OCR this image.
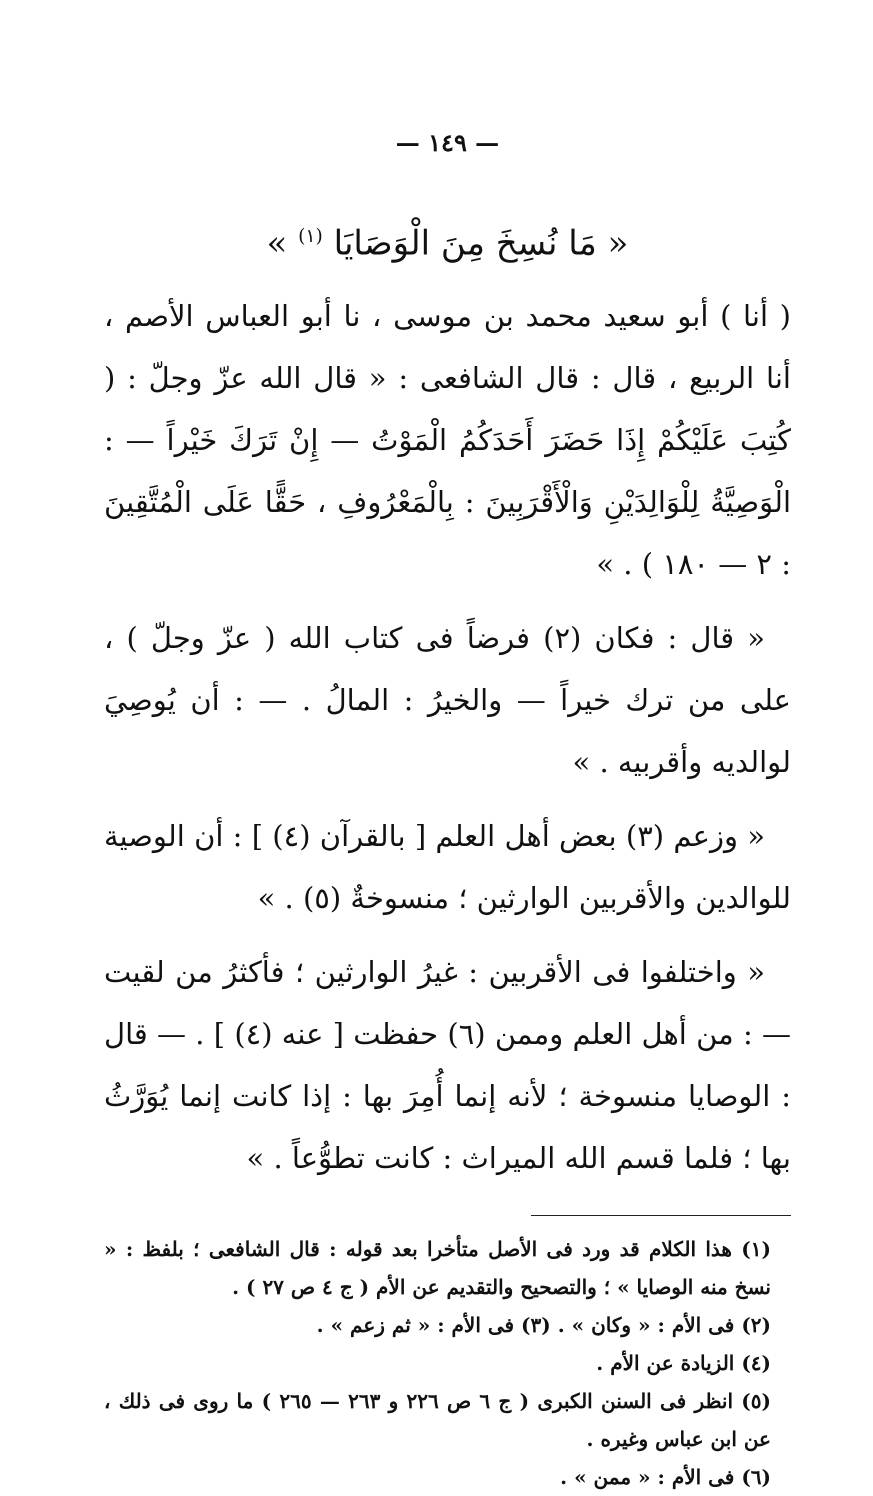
— ١٤٩ —
« مَا نُسِخَ مِنَ الْوَصَايَا $^{(١)}$ »

( أنا ) أبو سعيد محمد بن موسى ، نا أبو العباس الأصم ، أنا الربيع ، قال : قال الشافعى : « قال الله عزّ وجلّ : ( كُتِبَ عَلَيْكُمْ إِذَا حَضَرَ أَحَدَكُمُ الْمَوْتُ — إِنْ تَرَكَ خَيْراً — : الْوَصِيَّةُ لِلْوَالِدَيْنِ وَالْأَقْرَبِينَ : بِالْمَعْرُوفِ ، حَقًّا عَلَى الْمُتَّقِينَ : ٢ — ١٨٠ ) . »

« قال : فكان (٢) فرضاً فى كتاب الله ( عزّ وجلّ ) ، على من ترك خيراً — والخيرُ : المالُ . — : أن يُوصِيَ لوالديه وأقربيه . »

« وزعم (٣) بعض أهل العلم [ بالقرآن (٤) ] : أن الوصية للوالدين والأقربين الوارثين ؛ منسوخةٌ (٥) . »

« واختلفوا فى الأقربين : غيرُ الوارثين ؛ فأكثرُ من لقيت — : من أهل العلم وممن (٦) حفظت [ عنه (٤) ] . — قال : الوصايا منسوخة ؛ لأنه إنما أُمِرَ بها : إذا كانت إنما يُوَرَّثُ بها ؛ فلما قسم الله الميراث : كانت تطوُّعاً . »

(١) هذا الكلام قد ورد فى الأصل متأخرا بعد قوله : قال الشافعى ؛ بلفظ : « نسخ منه الوصايا » ؛ والتصحيح والتقديم عن الأم ( ج ٤ ص ٢٧ ) .

(٢) فى الأم : « وكان » . (٣) فى الأم : « ثم زعم » .

(٤) الزيادة عن الأم .

(٥) انظر فى السنن الكبرى ( ج ٦ ص ٢٢٦ و ٢٦٣ — ٢٦٥ ) ما روى فى ذلك ، عن ابن عباس وغيره .

(٦) فى الأم : « ممن » .
